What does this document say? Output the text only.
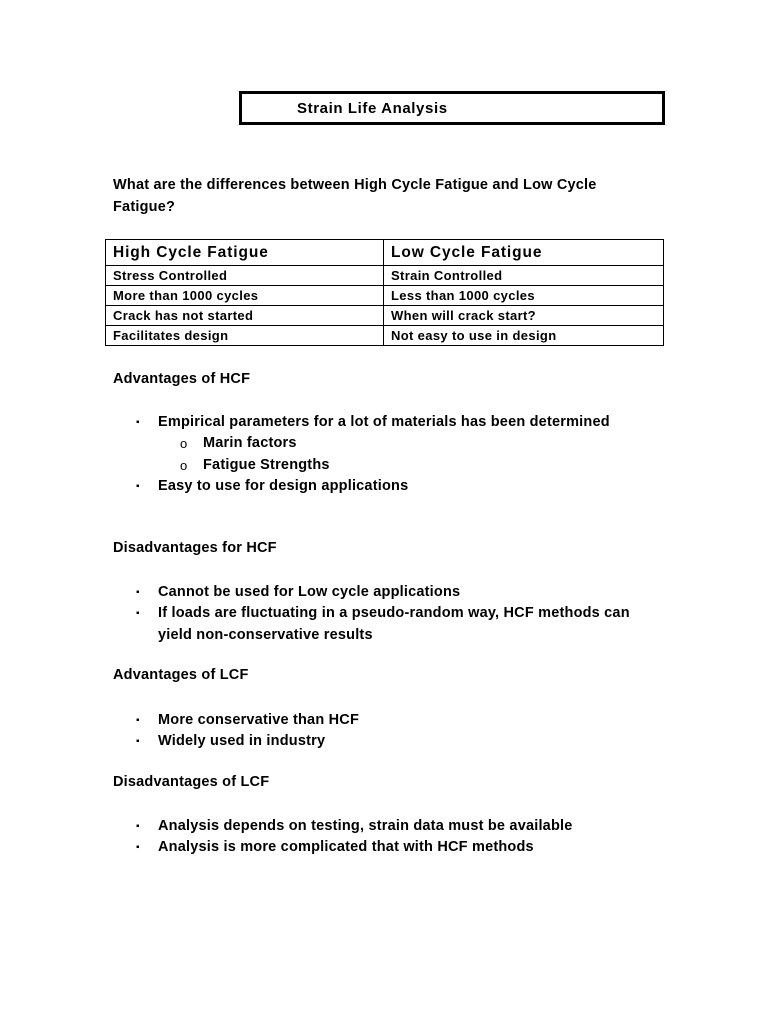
Strain Life Analysis
What are the differences between High Cycle Fatigue and Low Cycle Fatigue?
High Cycle Fatigue	Low Cycle Fatigue
Stress Controlled	Strain Controlled
More than 1000 cycles	Less than 1000 cycles
Crack has not started	When will crack start?
Facilitates design	Not easy to use in design
Advantages of HCF
▪ Empirical parameters for a lot of materials has been determined
o Marin factors
o Fatigue Strengths
▪ Easy to use for design applications
Disadvantages for HCF
▪ Cannot be used for Low cycle applications
▪ If loads are fluctuating in a pseudo-random way, HCF methods can yield non-conservative results
Advantages of LCF
▪ More conservative than HCF
▪ Widely used in industry
Disadvantages of LCF
▪ Analysis depends on testing, strain data must be available
▪ Analysis is more complicated that with HCF methods
